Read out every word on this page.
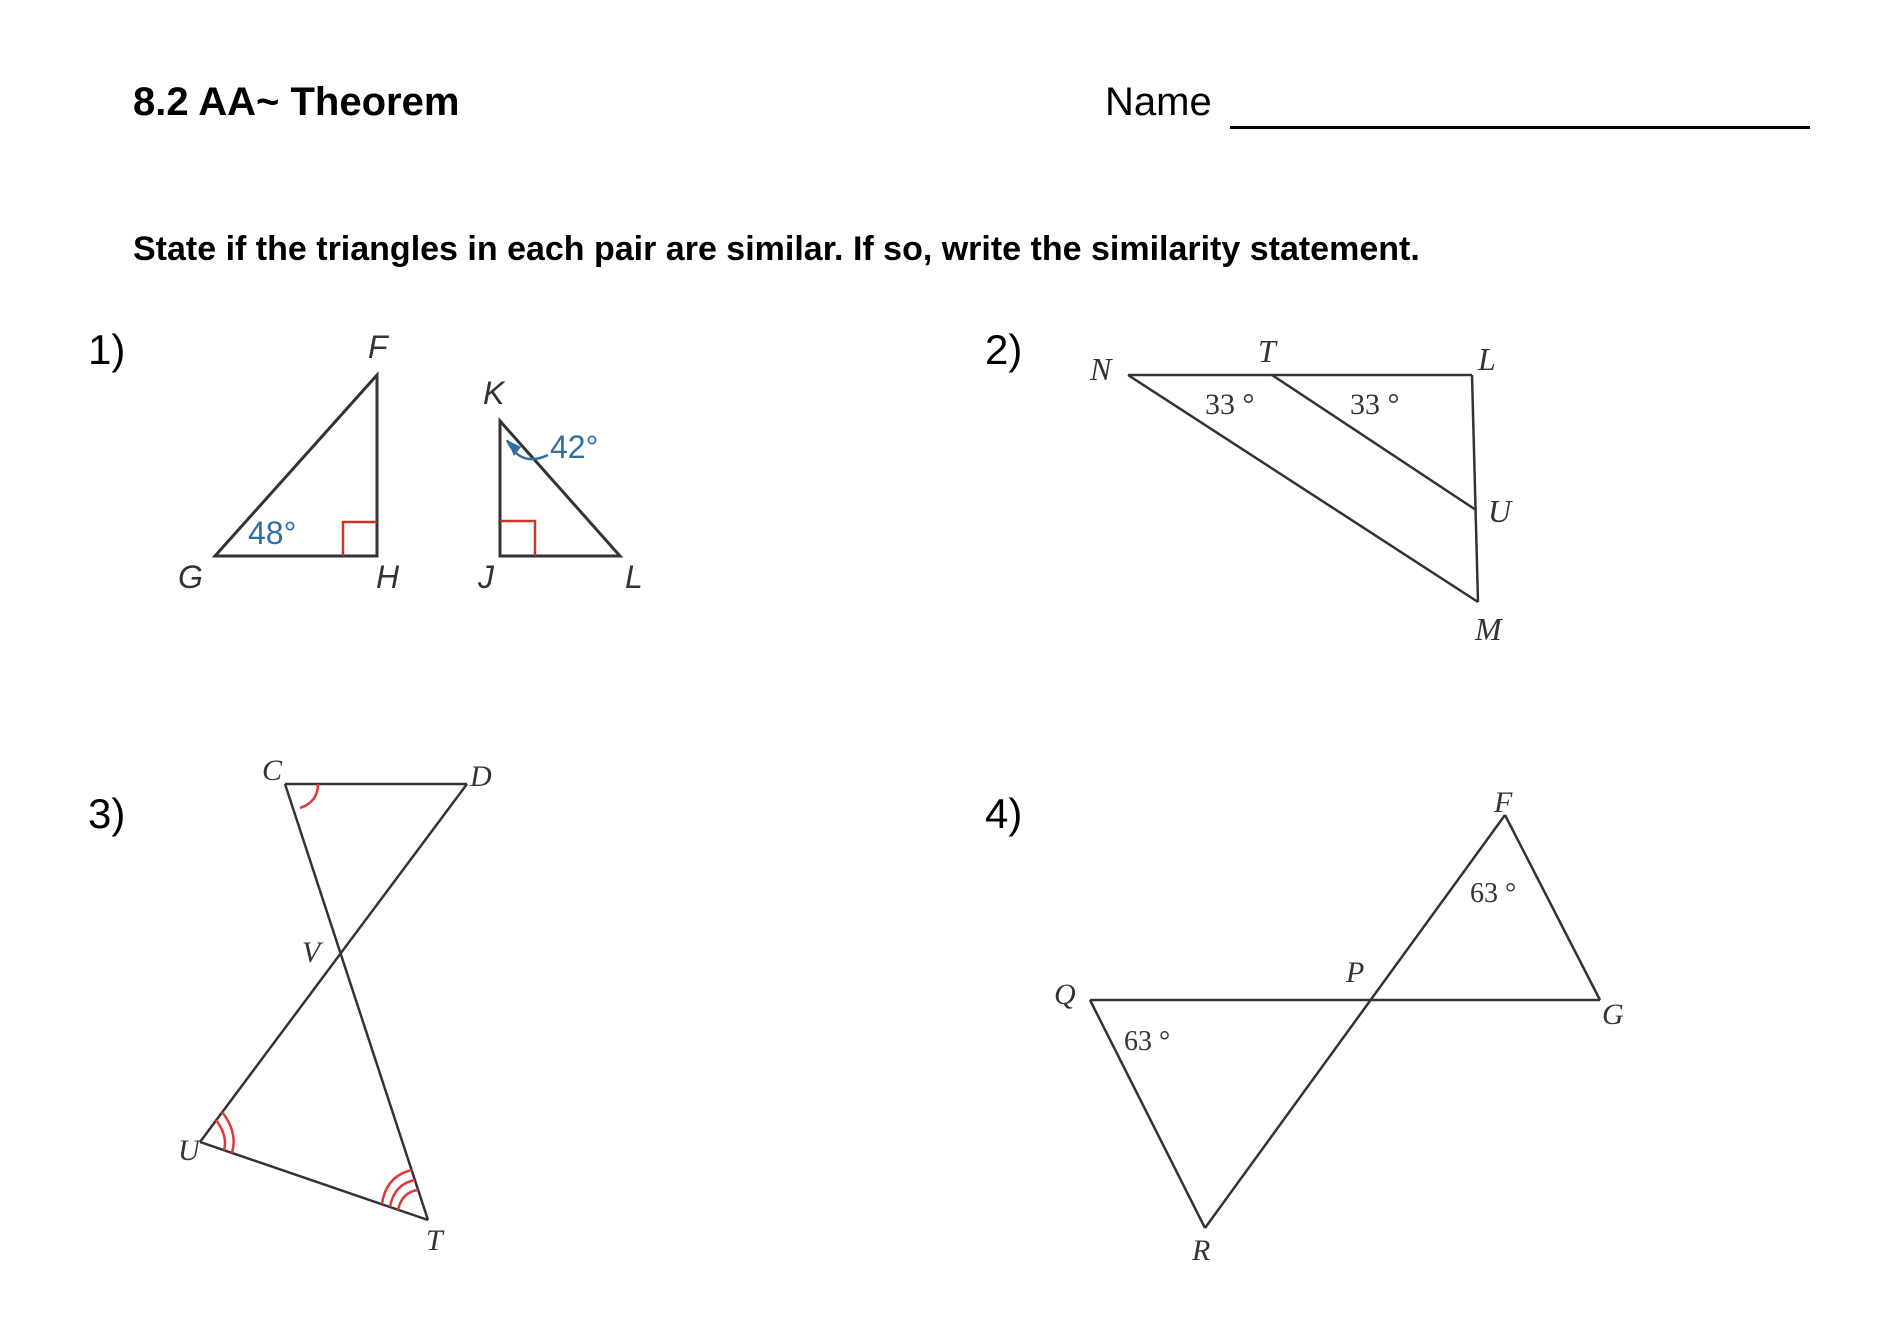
8.2 AA~ Theorem	Name
State if the triangles in each pair are similar. If so, write the similarity statement.
1)	2)
3)	4)
F
G	H
K
J	L
48°
42°
N	T	L
U
M
33 °	33 °
C	D
V
U
T
F
P
Q
G
R
63 °
63 °
